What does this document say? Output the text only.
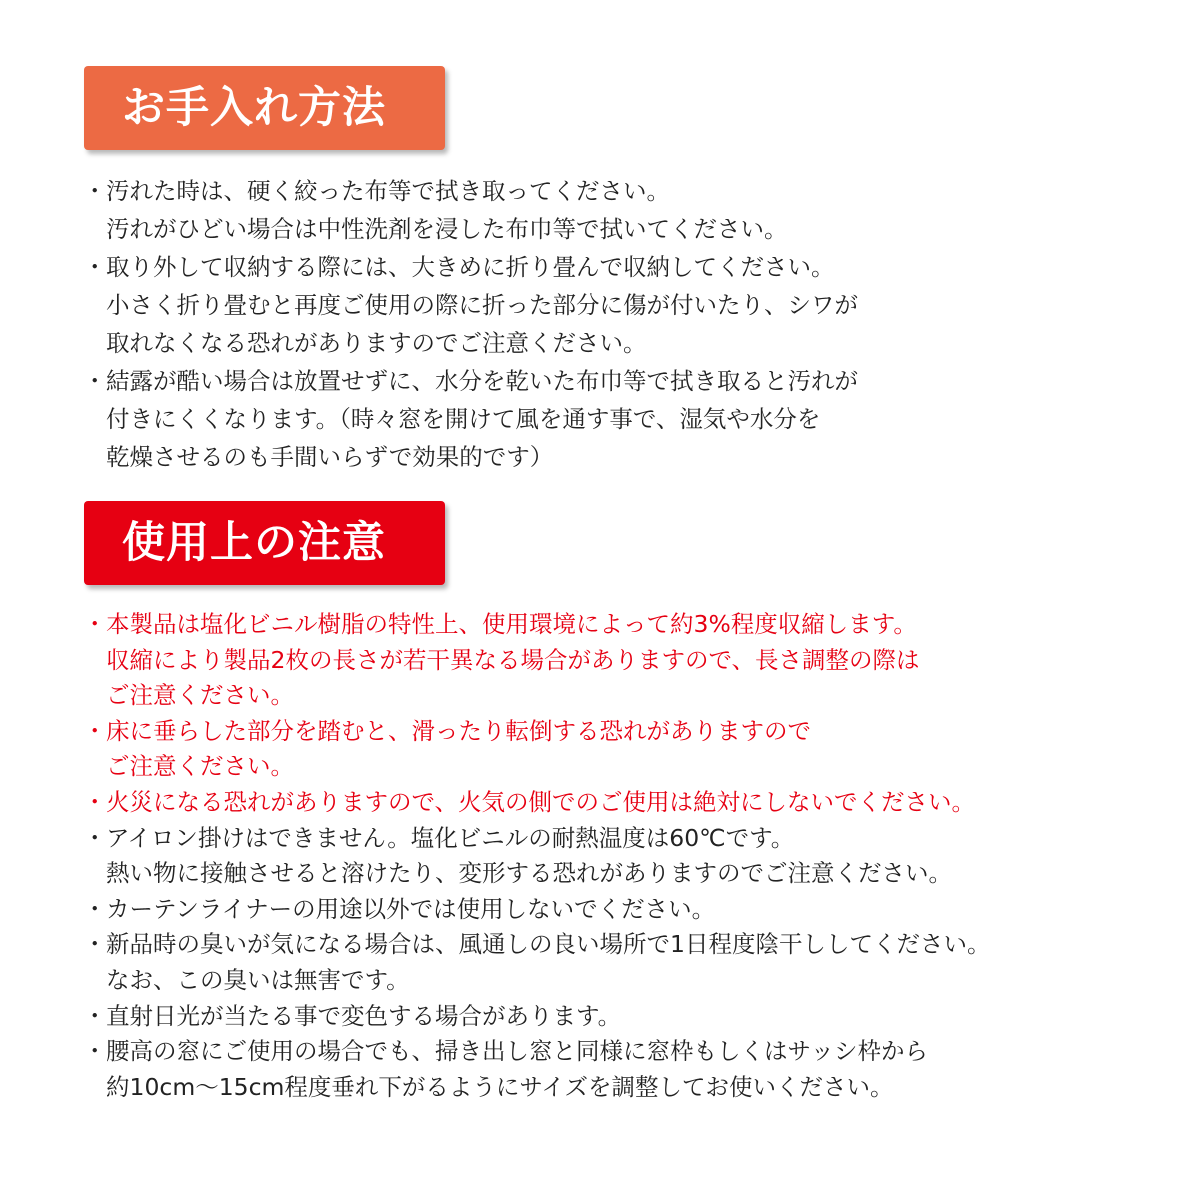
お手入れ方法
・ 汚れた時は、硬く絞った布等で拭き取ってください。
汚れがひどい場合は中性洗剤を浸した布巾等で拭いてください。
・ 取り外して収納する際には、大きめに折り畳んで収納してください。
小さく折り畳むと再度ご使用の際に折った部分に傷が付いたり、シワが
取れなくなる恐れがありますのでご注意ください。
・ 結露が酷い場合は放置せずに、水分を乾いた布巾等で拭き取ると汚れが
付きにくくなります。（時々窓を開けて風を通す事で、湿気や水分を
乾燥させるのも手間いらずで効果的です）
使用上の注意
・ 本製品は塩化ビニル樹脂の特性上、使用環境によって約3%程度収縮します。
収縮により製品2枚の長さが若干異なる場合がありますので、長さ調整の際は
ご注意ください。
・ 床に垂らした部分を踏むと、滑ったり転倒する恐れがありますので
ご注意ください。
・ 火災になる恐れがありますので、火気の側でのご使用は絶対にしないでください。
・ アイロン掛けはできません。塩化ビニルの耐熱温度は60℃です。
熱い物に接触させると溶けたり、変形する恐れがありますのでご注意ください。
・ カーテンライナーの用途以外では使用しないでください。
・ 新品時の臭いが気になる場合は、風通しの良い場所で1日程度陰干ししてください。
なお、この臭いは無害です。
・ 直射日光が当たる事で変色する場合があります。
・ 腰高の窓にご使用の場合でも、掃き出し窓と同様に窓枠もしくはサッシ枠から
約10cm〜15cm程度垂れ下がるようにサイズを調整してお使いください。
